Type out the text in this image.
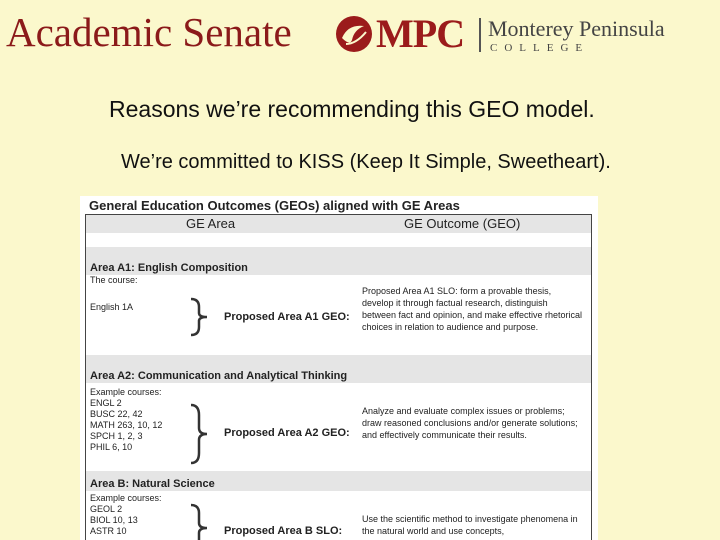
Academic Senate MPC Monterey Peninsula
COLLEGE
Reasons we’re recommending this GEO model.
We’re committed to KISS (Keep It Simple, Sweetheart).
General Education Outcomes (GEOs) aligned with GE Areas
GE Area	GE Outcome (GEO)
Area A1: English Composition
The course:
English 1A
Proposed Area A1 GEO:
Proposed Area A1 SLO: form a provable thesis, develop it through factual research, distinguish between fact and opinion, and make effective rhetorical choices in relation to audience and purpose.
Area A2: Communication and Analytical Thinking
Example courses:
ENGL 2
BUSC 22, 42
MATH 263, 10, 12
SPCH 1, 2, 3
PHIL 6, 10
Proposed Area A2 GEO:
Analyze and evaluate complex issues or problems; draw reasoned conclusions and/or generate solutions; and effectively communicate their results.
Area B: Natural Science
Example courses:
GEOL 2
BIOL 10, 13
ASTR 10	Proposed Area B SLO:
Use the scientific method to investigate phenomena in the natural world and use concepts,
